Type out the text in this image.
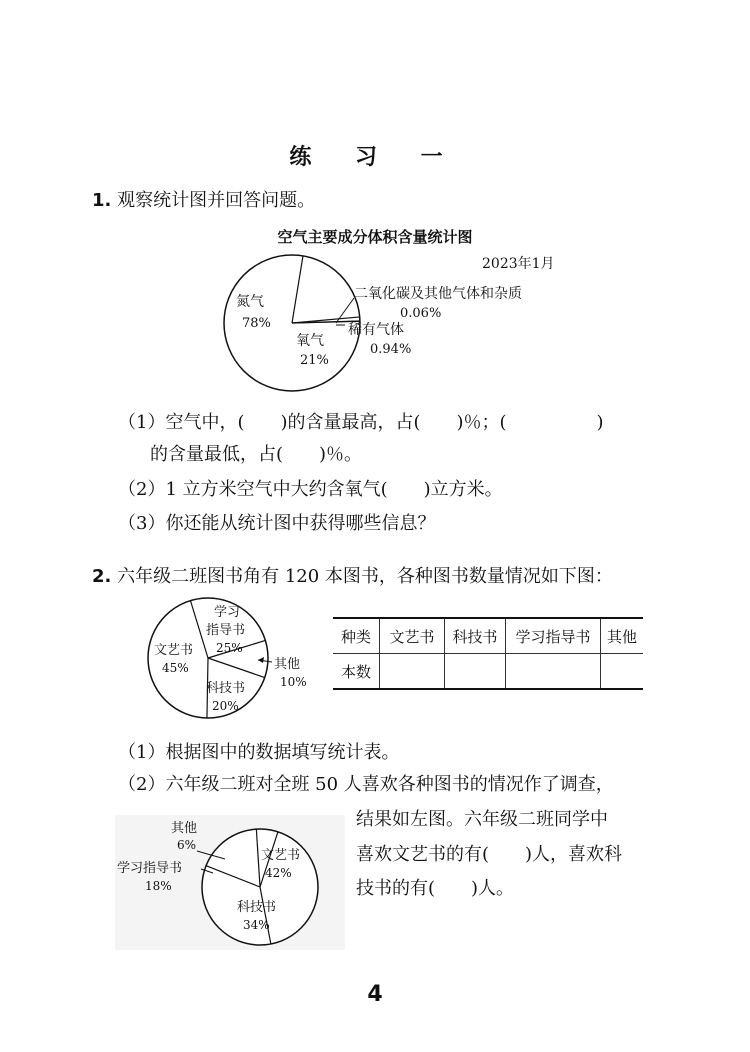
练 习 一
1. 观察统计图并回答问题。
空气主要成分体积含量统计图
2023年1月
氮气
78%
氧气
21%
二氧化碳及其他气体和杂质
0.06%
稀有气体
0.94%
（1）空气中，(　　)的含量最高，占(　　)％；(　　　　　)
的含量最低，占(　　)％。
（2）1 立方米空气中大约含氧气(　　)立方米。
（3）你还能从统计图中获得哪些信息？
2. 六年级二班图书角有 120 本图书，各种图书数量情况如下图：
文艺书
45%
学习
指导书
25%
其他
10%
科技书
20%
种类	文艺书	科技书	学习指导书	其他
本数				
（1）根据图中的数据填写统计表。
（2）六年级二班对全班 50 人喜欢各种图书的情况作了调查，
结果如左图。六年级二班同学中
喜欢文艺书的有(　　)人，喜欢科
技书的有(　　)人。
其他
6%
学习指导书
18%
文艺书
42%
科技书
34%
4
